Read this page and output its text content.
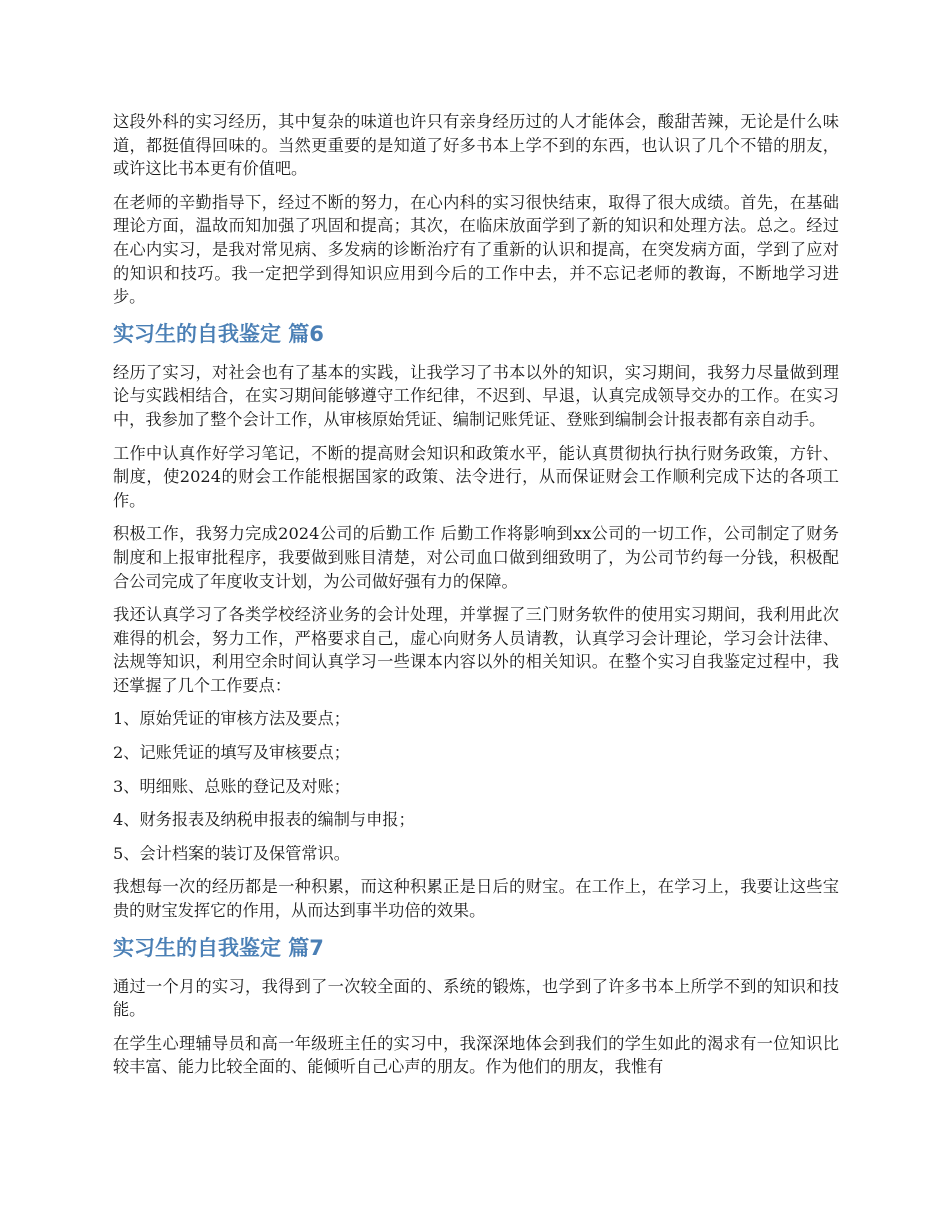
这段外科的实习经历，其中复杂的味道也许只有亲身经历过的人才能体会，酸甜苦辣，无论是什么味道，都挺值得回味的。当然更重要的是知道了好多书本上学不到的东西，也认识了几个不错的朋友，或许这比书本更有价值吧。

在老师的辛勤指导下，经过不断的努力，在心内科的实习很快结束，取得了很大成绩。首先，在基础理论方面，温故而知加强了巩固和提高；其次，在临床放面学到了新的知识和处理方法。总之。经过在心内实习，是我对常见病、多发病的诊断治疗有了重新的认识和提高，在突发病方面，学到了应对的知识和技巧。我一定把学到得知识应用到今后的工作中去，并不忘记老师的教诲，不断地学习进步。

实习生的自我鉴定 篇6

经历了实习，对社会也有了基本的实践，让我学习了书本以外的知识，实习期间，我努力尽量做到理论与实践相结合，在实习期间能够遵守工作纪律，不迟到、早退，认真完成领导交办的工作。在实习中，我参加了整个会计工作，从审核原始凭证、编制记账凭证、登账到编制会计报表都有亲自动手。

工作中认真作好学习笔记，不断的提高财会知识和政策水平，能认真贯彻执行执行财务政策，方针、制度，使2024的财会工作能根据国家的政策、法令进行，从而保证财会工作顺利完成下达的各项工作。

积极工作，我努力完成2024公司的后勤工作 后勤工作将影响到xx公司的一切工作，公司制定了财务制度和上报审批程序，我要做到账目清楚，对公司血口做到细致明了，为公司节约每一分钱，积极配合公司完成了年度收支计划，为公司做好强有力的保障。

我还认真学习了各类学校经济业务的会计处理，并掌握了三门财务软件的使用实习期间，我利用此次难得的机会，努力工作，严格要求自己，虚心向财务人员请教，认真学习会计理论，学习会计法律、法规等知识，利用空余时间认真学习一些课本内容以外的相关知识。在整个实习自我鉴定过程中，我还掌握了几个工作要点：

1、原始凭证的审核方法及要点；

2、记账凭证的填写及审核要点；

3、明细账、总账的登记及对账；

4、财务报表及纳税申报表的编制与申报；

5、会计档案的装订及保管常识。

我想每一次的经历都是一种积累，而这种积累正是日后的财宝。在工作上，在学习上，我要让这些宝贵的财宝发挥它的作用，从而达到事半功倍的效果。

实习生的自我鉴定 篇7

通过一个月的实习，我得到了一次较全面的、系统的锻炼，也学到了许多书本上所学不到的知识和技能。

在学生心理辅导员和高一年级班主任的实习中，我深深地体会到我们的学生如此的渴求有一位知识比较丰富、能力比较全面的、能倾听自己心声的朋友。作为他们的朋友，我惟有
